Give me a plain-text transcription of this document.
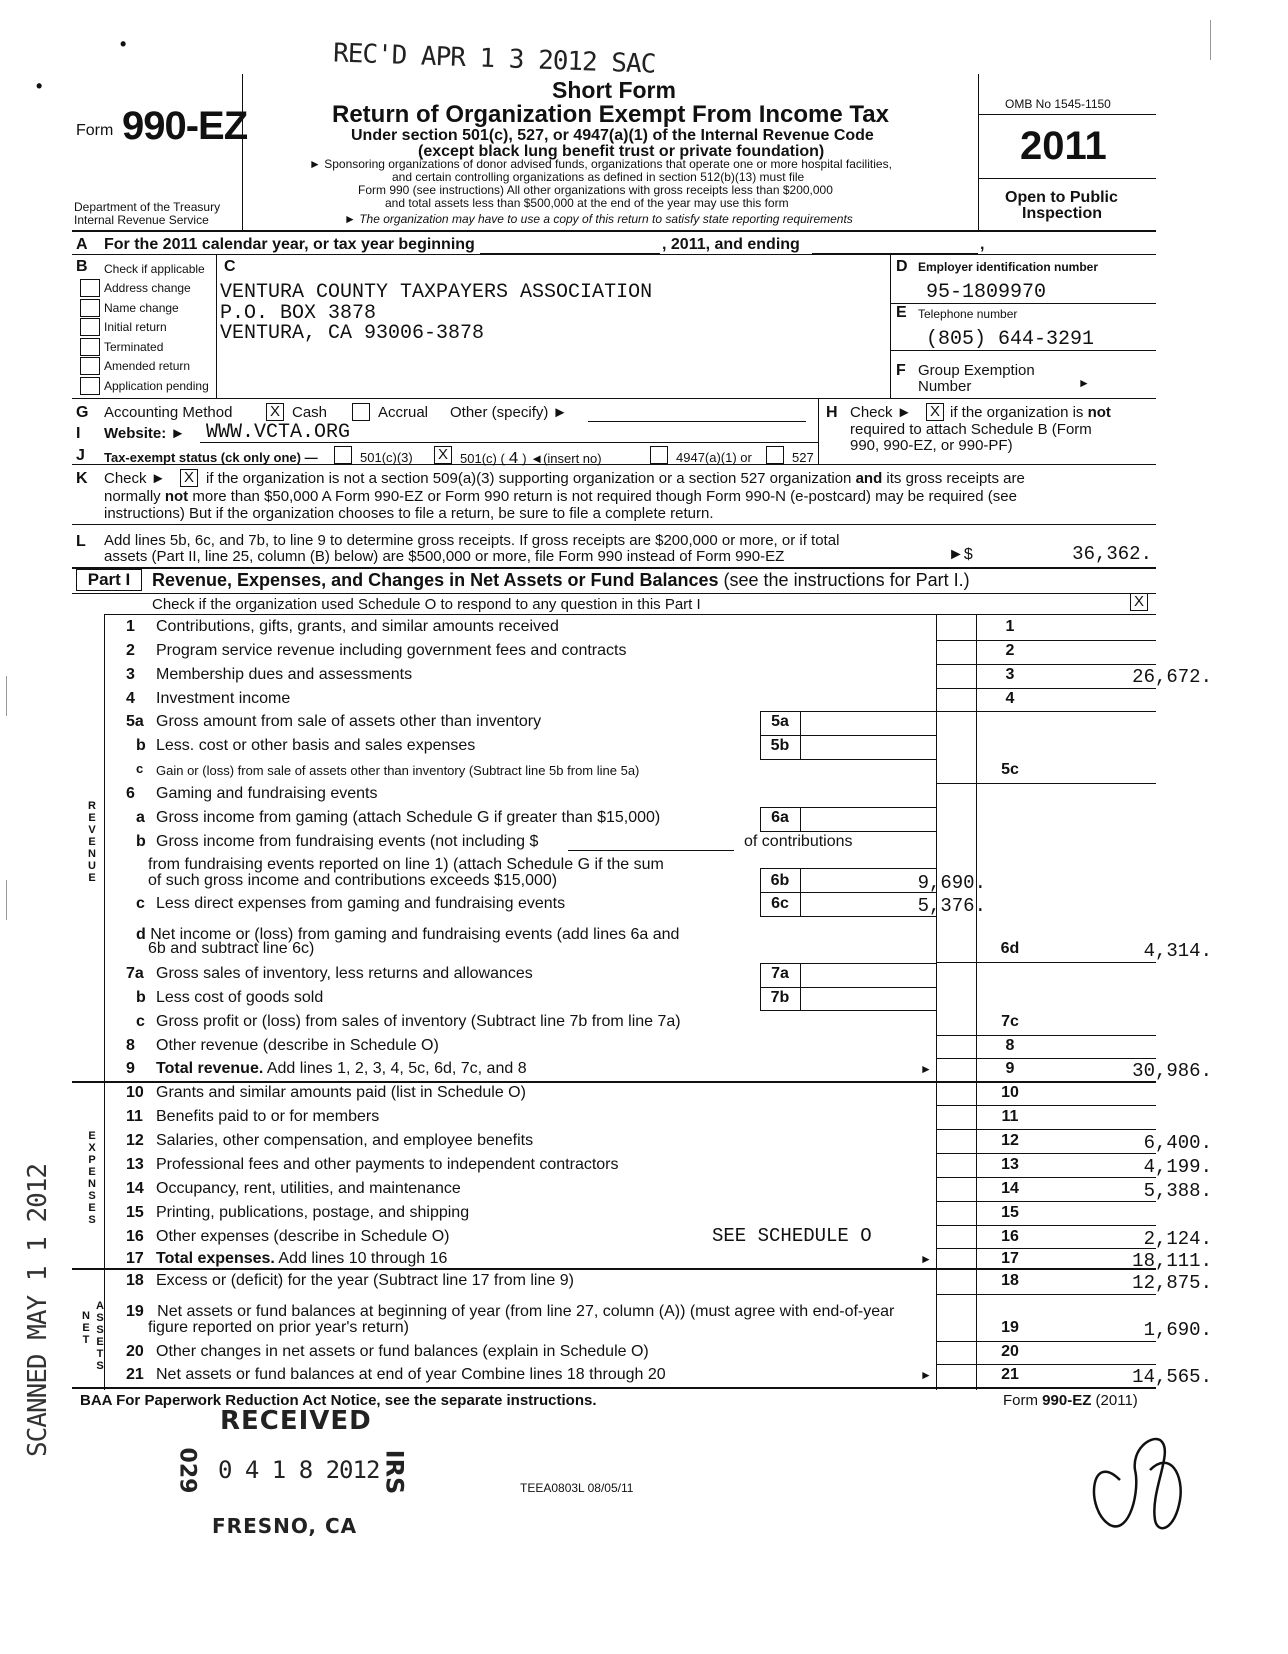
REC'D APR 1 3 2012 SAC
•
•
Form 990-EZ
Department of the Treasury
Internal Revenue Service
Short Form
Return of Organization Exempt From Income Tax
Under section 501(c), 527, or 4947(a)(1) of the Internal Revenue Code
(except black lung benefit trust or private foundation)
► Sponsoring organizations of donor advised funds, organizations that operate one or more hospital facilities,
and certain controlling organizations as defined in section 512(b)(13) must file
Form 990 (see instructions) All other organizations with gross receipts less than $200,000
and total assets less than $500,000 at the end of the year may use this form
► The organization may have to use a copy of this return to satisfy state reporting requirements
OMB No 1545-1150
2011
Open to Public
Inspection
A For the 2011 calendar year, or tax year beginning	, 2011, and ending	,
B Check if applicable
Address change
Name change
Initial return
Terminated
Amended return
Application pending
C
VENTURA COUNTY TAXPAYERS ASSOCIATION
P.O. BOX 3878
VENTURA, CA 93006-3878
D Employer identification number
95-1809970
E Telephone number
(805) 644-3291
F Group Exemption
Number	►
G Accounting Method	X Cash	Accrual Other (specify) ►	H Check ► X if the organization is not
required to attach Schedule B (Form
990, 990-EZ, or 990-PF)
I Website: ► WWW.VCTA.ORG
J Tax-exempt status (ck only one) —	501(c)(3) X 501(c) ( 4 ) ◄(insert no)	4947(a)(1) or	527
K Check ► X if the organization is not a section 509(a)(3) supporting organization or a section 527 organization and its gross receipts are
normally not more than $50,000 A Form 990-EZ or Form 990 return is not required though Form 990-N (e-postcard) may be required (see
instructions) But if the organization chooses to file a return, be sure to file a complete return.
L Add lines 5b, 6c, and 7b, to line 9 to determine gross receipts. If gross receipts are $200,000 or more, or if total
assets (Part II, line 25, column (B) below) are $500,000 or more, file Form 990 instead of Form 990-EZ	►$	36,362.
Part I	Revenue, Expenses, and Changes in Net Assets or Fund Balances (see the instructions for Part I.)
Check if the organization used Schedule O to respond to any question in this Part I	X
R
E
V
E
N
U
E
E
X
P
E
N
S
E
S
N
E
T
A
S
S
E
T
S
1	Contributions, gifts, grants, and similar amounts received	1
2	Program service revenue including government fees and contracts	2
3	Membership dues and assessments	3	26,672.
4	Investment income	4
5a Gross amount from sale of assets other than inventory	5a
b Less. cost or other basis and sales expenses	5b
c Gain or (loss) from sale of assets other than inventory (Subtract line 5b from line 5a)	5c
6	Gaming and fundraising events
a Gross income from gaming (attach Schedule G if greater than $15,000)	6a
b Gross income from fundraising events (not including $	of contributions
from fundraising events reported on line 1) (attach Schedule G if the sum
of such gross income and contributions exceeds $15,000)	6b	9,690.
c Less direct expenses from gaming and fundraising events	6c	5,376.
d Net income or (loss) from gaming and fundraising events (add lines 6a and
6b and subtract line 6c)	6d	4,314.
7a Gross sales of inventory, less returns and allowances	7a
b Less cost of goods sold	7b
c Gross profit or (loss) from sales of inventory (Subtract line 7b from line 7a)	7c
8	Other revenue (describe in Schedule O)	8
9	Total revenue. Add lines 1, 2, 3, 4, 5c, 6d, 7c, and 8	►	9	30,986.
10 Grants and similar amounts paid (list in Schedule O)	10
11 Benefits paid to or for members	11
12 Salaries, other compensation, and employee benefits	12	6,400.
13 Professional fees and other payments to independent contractors	13	4,199.
14 Occupancy, rent, utilities, and maintenance	14	5,388.
15 Printing, publications, postage, and shipping	15
16 Other expenses (describe in Schedule O)	SEE SCHEDULE O	16	2,124.
17 Total expenses. Add lines 10 through 16	►	17	18,111.
18 Excess or (deficit) for the year (Subtract line 17 from line 9)	18	12,875.
19 Net assets or fund balances at beginning of year (from line 27, column (A)) (must agree with end-of-year
figure reported on prior year's return)	19	1,690.
20 Other changes in net assets or fund balances (explain in Schedule O)	20
21 Net assets or fund balances at end of year Combine lines 18 through 20	►	21	14,565.
BAA For Paperwork Reduction Act Notice, see the separate instructions.	Form 990-EZ (2011)
TEEA0803L 08/05/11
RECEIVED
029 0 4 1 8 2012 IRS
FRESNO, CA
SCANNED MAY 1 1 2012
